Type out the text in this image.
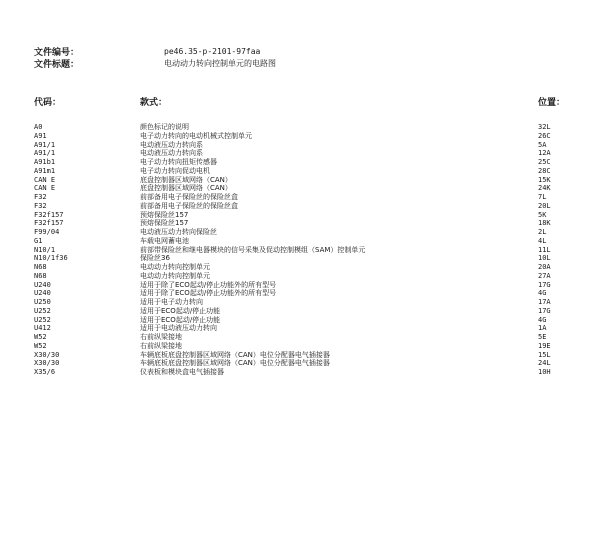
文件编号：	pe46.35-p-2101-97faa
文件标题：	电动动力转向控制单元的电路图
代码：	款式：	位置：
A0	颜色标记的说明	32L
A91	电子动力转向的电动机械式控制单元	26C
A91/1	电动液压动力转向系	5A
A91/1	电动液压动力转向系	12A
A91b1	电子动力转向扭矩传感器	25C
A91m1	电子动力转向促动电机	28C
CAN E	底盘控制器区域网络（CAN）	15K
CAN E	底盘控制器区域网络（CAN）	24K
F32	前部备用电子保险丝的保险丝盒	7L
F32	前部备用电子保险丝的保险丝盒	20L
F32f157	预熔保险丝157	5K
F32f157	预熔保险丝157	18K
F99/04	电动液压动力转向保险丝	2L
G1	车载电网蓄电池	4L
N10/1	前部带保险丝和继电器模块的信号采集及促动控制模组（SAM）控制单元	11L
N10/1f36	保险丝36	10L
N68	电动动力转向控制单元	20A
N68	电动动力转向控制单元	27A
U240	适用于除了ECO起动/停止功能外的所有型号	17G
U240	适用于除了ECO起动/停止功能外的所有型号	4G
U250	适用于电子动力转向	17A
U252	适用于ECO起动/停止功能	17G
U252	适用于ECO起动/停止功能	4G
U412	适用于电动液压动力转向	1A
W52	右前纵梁接地	5E
W52	右前纵梁接地	19E
X30/30	车辆底板底盘控制器区域网络（CAN）电位分配器电气插接器	15L
X30/30	车辆底板底盘控制器区域网络（CAN）电位分配器电气插接器	24L
X35/6	仪表板和模块盒电气插接器	10H
